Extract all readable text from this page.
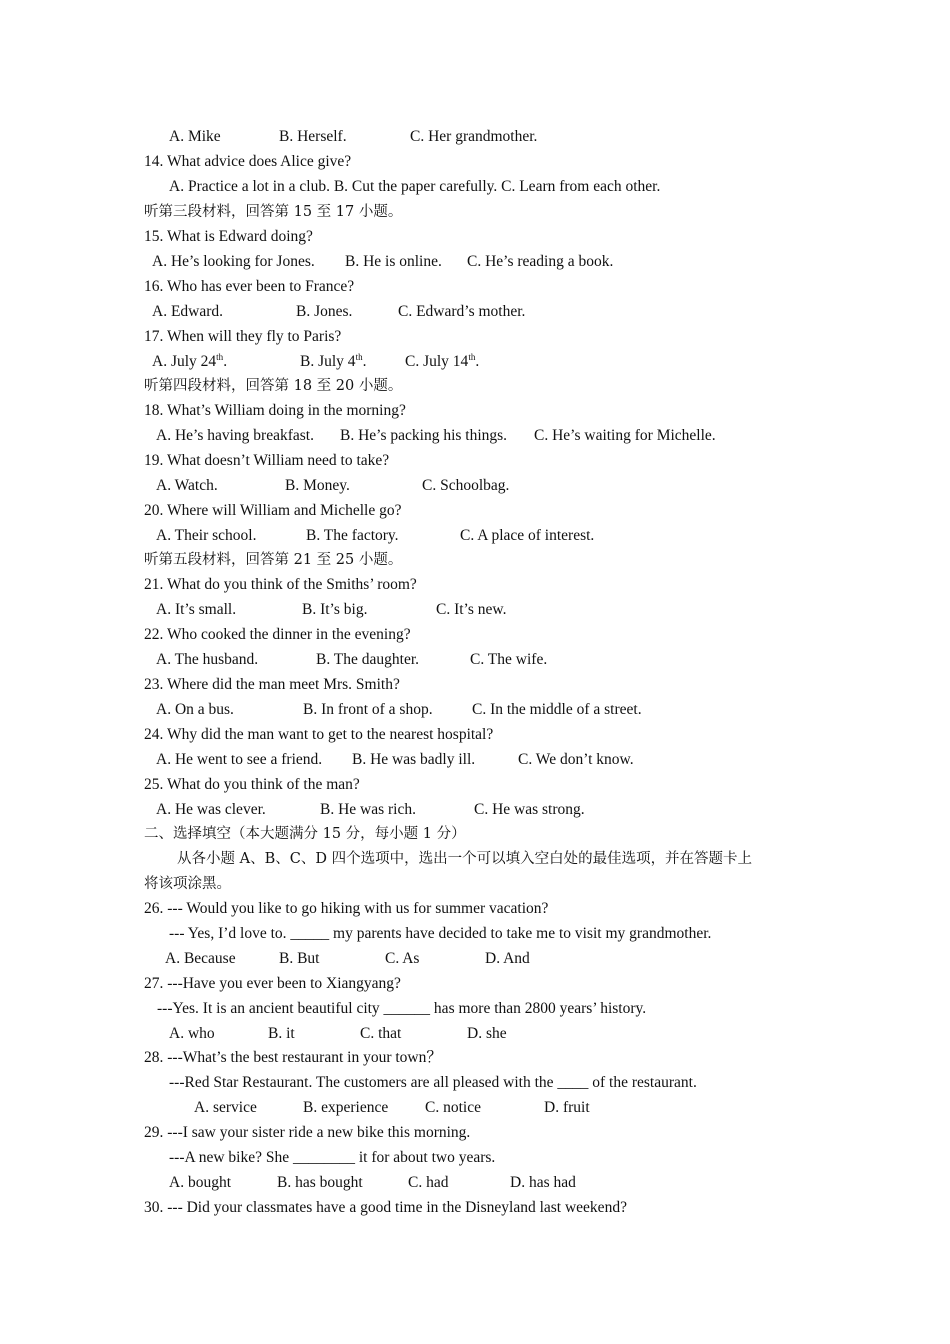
A. Mike	B. Herself.	C. Her grandmother.
14. What advice does Alice give?
A. Practice a lot in a club. B. Cut the paper carefully. C. Learn from each other.
听第三段材料，回答第 15 至 17 小题。
15. What is Edward doing?
A. He’s looking for Jones. B. He is online. C. He’s reading a book.
16. Who has ever been to France?
A. Edward.	B. Jones.	C. Edward’s mother.
17. When will they fly to Paris?
A. July 24th.	B. July 4th. C. July 14th.
听第四段材料，回答第 18 至 20 小题。
18. What’s William doing in the morning?
A. He’s having breakfast. B. He’s packing his things. C. He’s waiting for Michelle.
19. What doesn’t William need to take?
A. Watch.	B. Money.	C. Schoolbag.
20. Where will William and Michelle go?
A. Their school.	B. The factory.	C. A place of interest.
听第五段材料，回答第 21 至 25 小题。
21. What do you think of the Smiths’ room?
A. It’s small.	B. It’s big.	C. It’s new.
22. Who cooked the dinner in the evening?
A. The husband.	B. The daughter.	C. The wife.
23. Where did the man meet Mrs. Smith?
A. On a bus.	B. In front of a shop.	C. In the middle of a street.
24. Why did the man want to get to the nearest hospital?
A. He went to see a friend. B. He was badly ill.	C. We don’t know.
25. What do you think of the man?
A. He was clever.	B. He was rich.	C. He was strong.
二、选择填空（本大题满分 15 分，每小题 1 分）
从各小题 A、B、C、D 四个选项中，选出一个可以填入空白处的最佳选项，并在答题卡上
将该项涂黑。
26. --- Would you like to go hiking with us for summer vacation?
--- Yes, I’d love to. _____ my parents have decided to take me to visit my grandmother.
A. Because	B. But	C. As	D. And
27. ---Have you ever been to Xiangyang?
---Yes. It is an ancient beautiful city ______ has more than 2800 years’ history.
A. who	B. it	C. that	D. she
28. ---What’s the best restaurant in your town？
---Red Star Restaurant. The customers are all pleased with the ____ of the restaurant.
A. service	B. experience C. notice	D. fruit
29. ---I saw your sister ride a new bike this morning.
---A new bike? She ________ it for about two years.
A. bought	B. has bought	C. had	D. has had
30. --- Did your classmates have a good time in the Disneyland last weekend?
